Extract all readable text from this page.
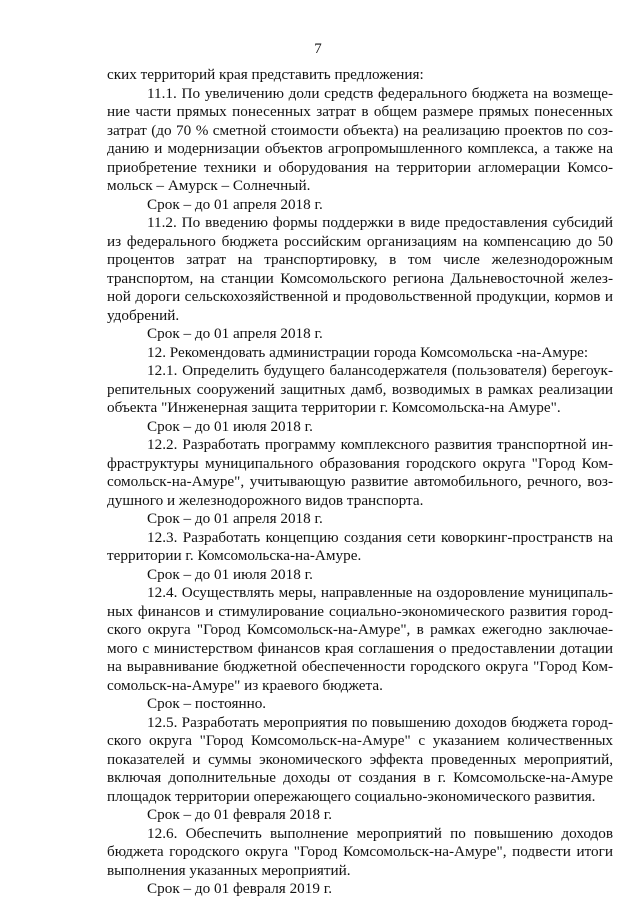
7

ских территорий края представить предложения:

11.1. По увеличению доли средств федерального бюджета на возмещение части прямых понесенных затрат в общем размере прямых понесенных затрат (до 70 % сметной стоимости объекта) на реализацию проектов по созданию и модернизации объектов агропромышленного комплекса, а также на приобретение техники и оборудования на территории агломерации Комсомольск – Амурск – Солнечный.

Срок – до 01 апреля 2018 г.

11.2. По введению формы поддержки в виде предоставления субсидий из федерального бюджета российским организациям на компенсацию до 50 процентов затрат на транспортировку, в том числе железнодорожным транспортом, на станции Комсомольского региона Дальневосточной железной дороги сельскохозяйственной и продовольственной продукции, кормов и удобрений.

Срок – до 01 апреля 2018 г.

12. Рекомендовать администрации города Комсомольска -на-Амуре:

12.1. Определить будущего балансодержателя (пользователя) берегоукрепительных сооружений защитных дамб, возводимых в рамках реализации объекта "Инженерная защита территории г. Комсомольска-на Амуре".

Срок – до 01 июля 2018 г.

12.2. Разработать программу комплексного развития транспортной инфраструктуры муниципального образования городского округа "Город Комсомольск-на-Амуре", учитывающую развитие автомобильного, речного, воздушного и железнодорожного видов транспорта.

Срок – до 01 апреля 2018 г.

12.3. Разработать концепцию создания сети коворкинг-пространств на территории г. Комсомольска-на-Амуре.

Срок – до 01 июля 2018 г.

12.4. Осуществлять меры, направленные на оздоровление муниципальных финансов и стимулирование социально-экономического развития городского округа "Город Комсомольск-на-Амуре", в рамках ежегодно заключаемого с министерством финансов края соглашения о предоставлении дотации на выравнивание бюджетной обеспеченности городского округа "Город Комсомольск-на-Амуре" из краевого бюджета.

Срок – постоянно.

12.5. Разработать мероприятия по повышению доходов бюджета городского округа "Город Комсомольск-на-Амуре" с указанием количественных показателей и суммы экономического эффекта проведенных мероприятий, включая дополнительные доходы от создания в г. Комсомольске-на-Амуре площадок территории опережающего социально-экономического развития.

Срок – до 01 февраля 2018 г.

12.6. Обеспечить выполнение мероприятий по повышению доходов бюджета городского округа "Город Комсомольск-на-Амуре", подвести итоги выполнения указанных мероприятий.

Срок – до 01 февраля 2019 г.
